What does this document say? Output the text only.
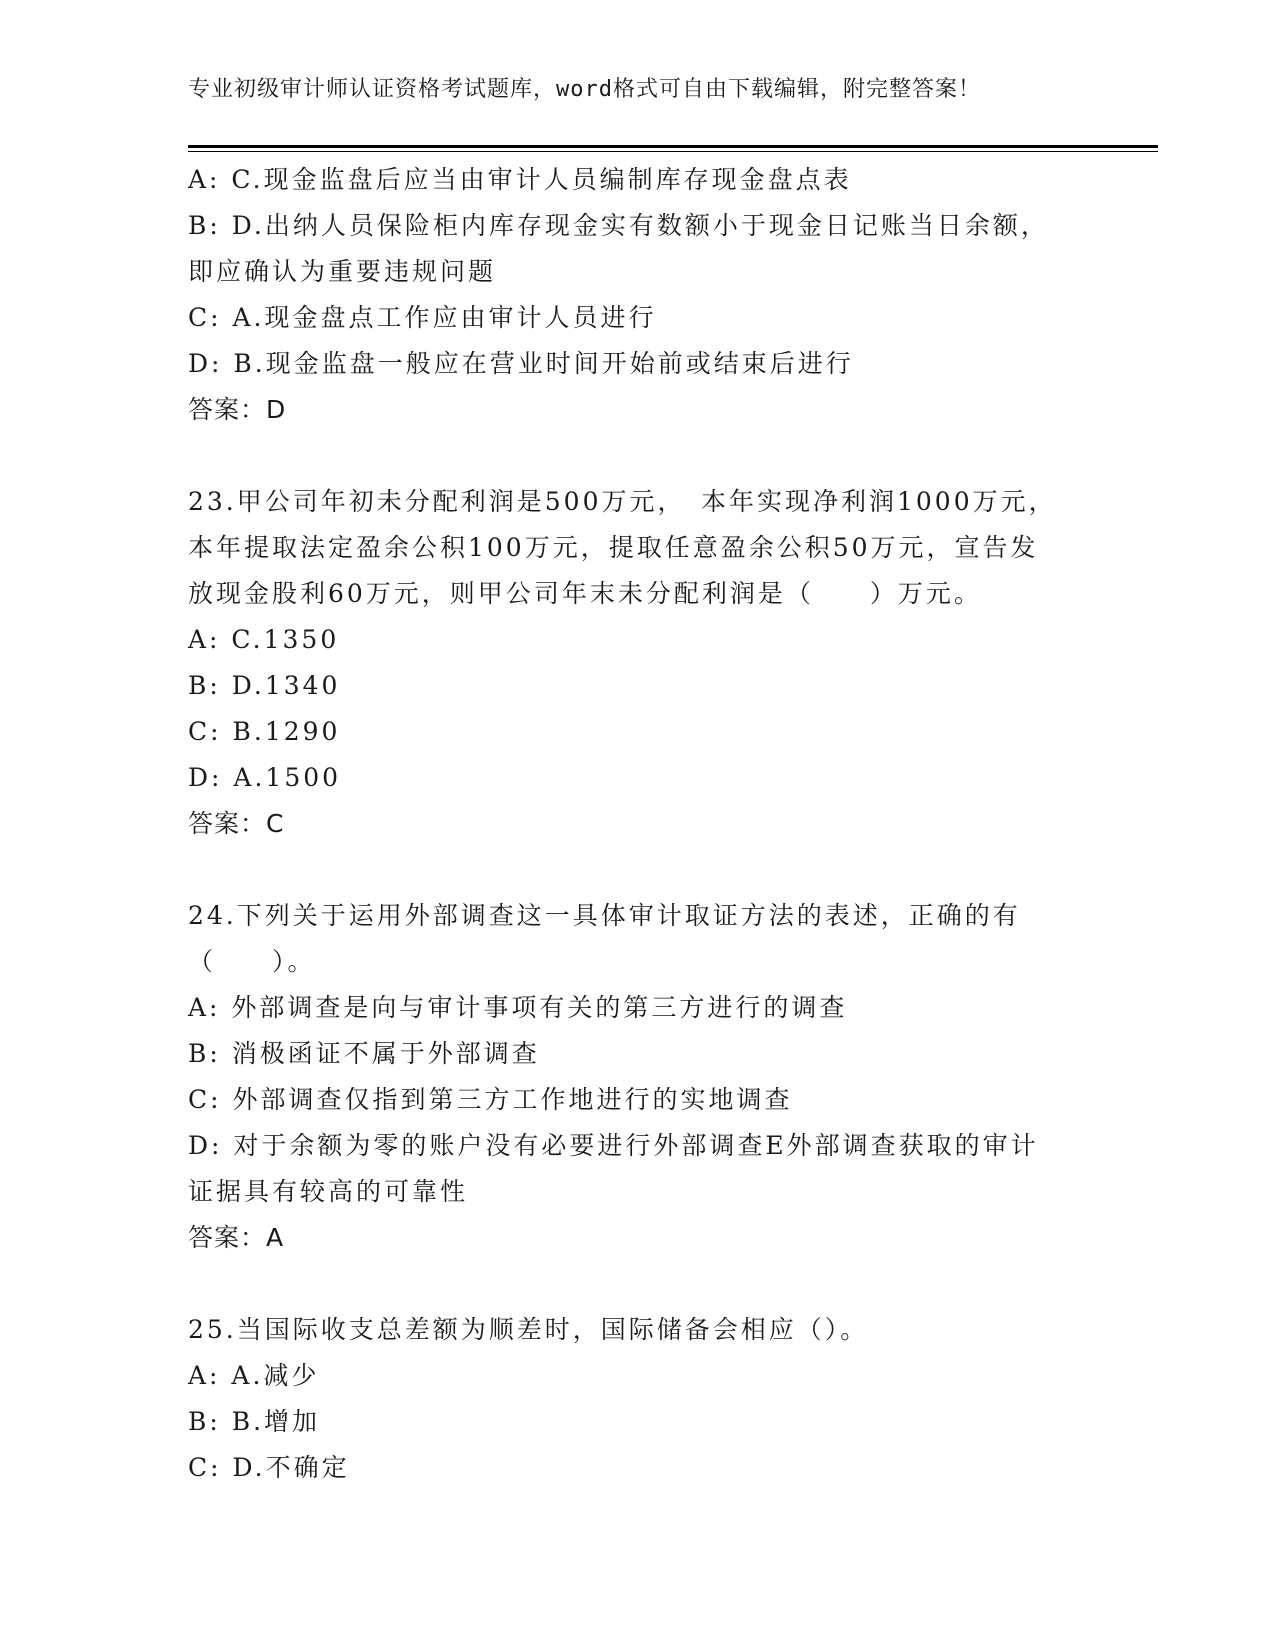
专业初级审计师认证资格考试题库，word格式可自由下载编辑，附完整答案！
A: C.现金监盘后应当由审计人员编制库存现金盘点表
B: D.出纳人员保险柜内库存现金实有数额小于现金日记账当日余额，
即应确认为重要违规问题
C: A.现金盘点工作应由审计人员进行
D: B.现金监盘一般应在营业时间开始前或结束后进行
答案：D
23.甲公司年初未分配利润是500万元，　本年实现净利润1000万元，
本年提取法定盈余公积100万元，提取任意盈余公积50万元，宣告发
放现金股利60万元，则甲公司年末未分配利润是（　　）万元。
A: C.1350
B: D.1340
C: B.1290
D: A.1500
答案：C
24.下列关于运用外部调查这一具体审计取证方法的表述，正确的有
（　　）。
A: 外部调查是向与审计事项有关的第三方进行的调查
B: 消极函证不属于外部调查
C: 外部调查仅指到第三方工作地进行的实地调查
D: 对于余额为零的账户没有必要进行外部调查E外部调查获取的审计
证据具有较高的可靠性
答案：A
25.当国际收支总差额为顺差时，国际储备会相应（）。
A: A.减少
B: B.增加
C: D.不确定
